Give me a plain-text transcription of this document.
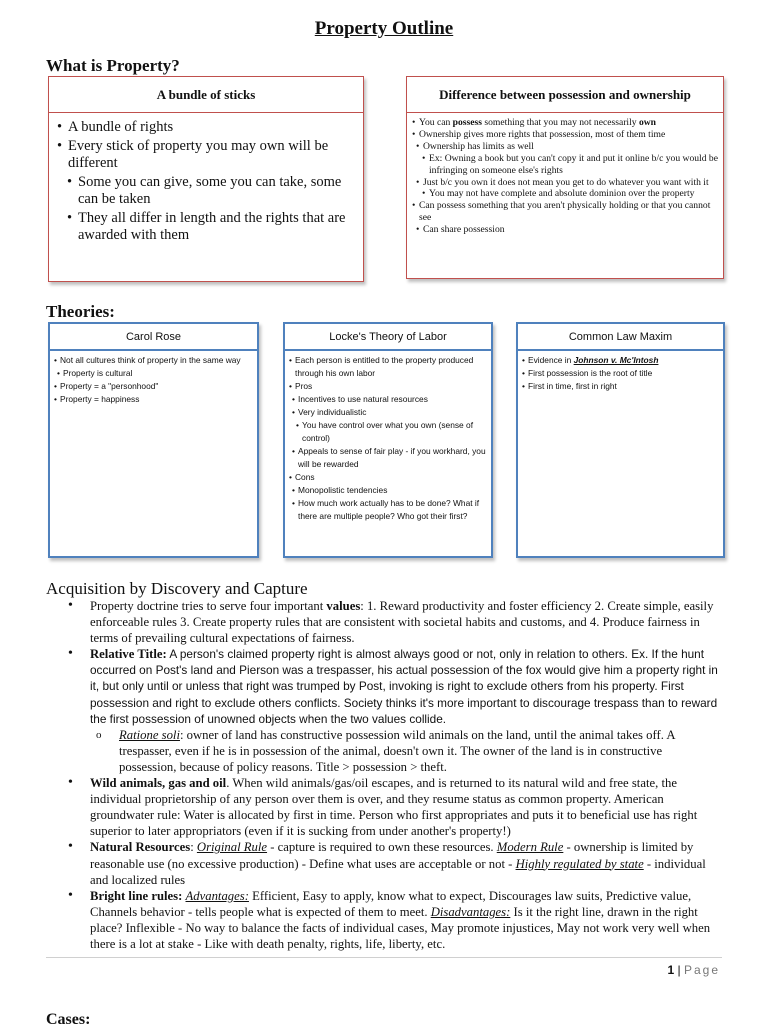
Property Outline
What is Property?
A bundle of sticks
• A bundle of rights
• Every stick of property you may own will be different
• Some you can give, some you can take, some can be taken
• They all differ in length and the rights that are awarded with them
Difference between possession and ownership
• You can possess something that you may not necessarily own
• Ownership gives more rights that possession, most of them time
• Ownership has limits as well
• Ex: Owning a book but you can't copy it and put it online b/c you would be infringing on someone else's rights
• Just b/c you own it does not mean you get to do whatever you want with it
• You may not have complete and absolute dominion over the property
• Can possess something that you aren't physically holding or that you cannot see
• Can share possession
Theories:
Carol Rose
• Not all cultures think of property in the same way
• Property is cultural
• Property = a "personhood"
• Property = happiness
Locke's Theory of Labor
• Each person is entitled to the property produced through his own labor
• Pros
• Incentives to use natural resources
• Very individualistic
• You have control over what you own (sense of control)
• Appeals to sense of fair play - if you workhard, you will be rewarded
• Cons
• Monopolistic tendencies
• How much work actually has to be done? What if there are multiple people? Who got their first?
Common Law Maxim
• Evidence in Johnson v. Mc'Intosh
• First possession is the root of title
• First in time, first in right
Acquisition by Discovery and Capture
• Property doctrine tries to serve four important values: 1. Reward productivity and foster efficiency 2. Create simple, easily enforceable rules 3. Create property rules that are consistent with societal habits and customs, and 4. Produce fairness in terms of prevailing cultural expectations of fairness.
• Relative Title: A person's claimed property right is almost always good or not, only in relation to others. Ex. If the hunt occurred on Post's land and Pierson was a trespasser, his actual possession of the fox would give him a property right in it, but only until or unless that right was trumped by Post, invoking is right to exclude others from his property. First possession and right to exclude others conflicts. Society thinks it's more important to discourage trespass than to reward the first possession of unowned objects when the two values collide.
o Ratione soli: owner of land has constructive possession wild animals on the land, until the animal takes off. A trespasser, even if he is in possession of the animal, doesn't own it. The owner of the land is in constructive possession, because of policy reasons. Title > possession > theft.
• Wild animals, gas and oil. When wild animals/gas/oil escapes, and is returned to its natural wild and free state, the individual proprietorship of any person over them is over, and they resume status as common property. American groundwater rule: Water is allocated by first in time. Person who first appropriates and puts it to beneficial use has right superior to later appropriators (even if it is sucking from under another's property!)
• Natural Resources: Original Rule - capture is required to own these resources. Modern Rule - ownership is limited by reasonable use (no excessive production) - Define what uses are acceptable or not - Highly regulated by state - individual and localized rules
• Bright line rules: Advantages: Efficient, Easy to apply, know what to expect, Discourages law suits, Predictive value, Channels behavior - tells people what is expected of them to meet. Disadvantages: Is it the right line, drawn in the right place? Inflexible - No way to balance the facts of individual cases, May promote injustices, May not work very well when there is a lot at stake - Like with death penalty, rights, life, liberty, etc.
1 | Page
Cases:
